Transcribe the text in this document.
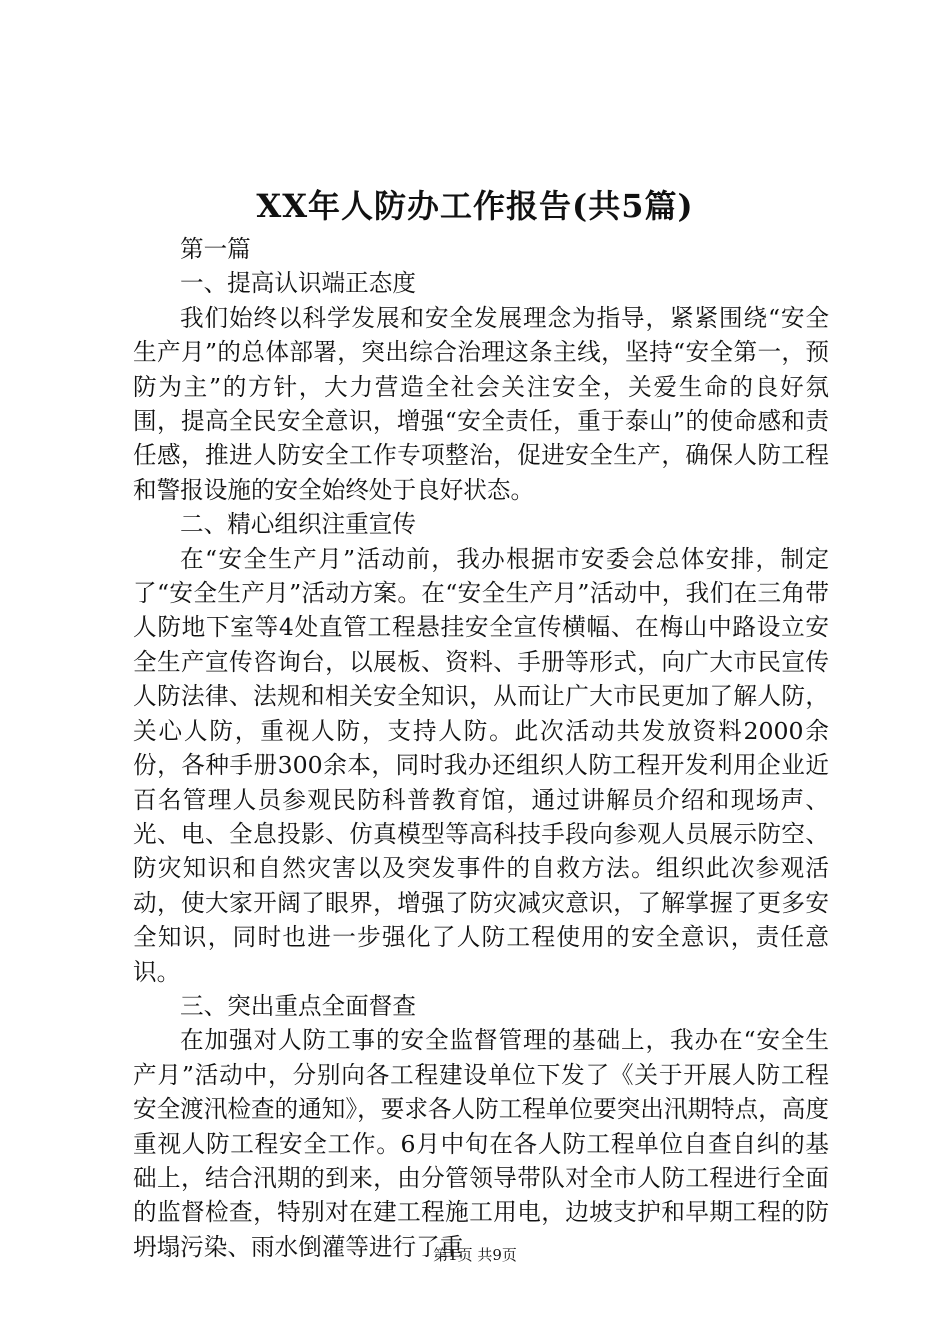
XX年人防办工作报告(共5篇)

第一篇

一、提高认识端正态度

我们始终以科学发展和安全发展理念为指导，紧紧围绕“安全生产月”的总体部署，突出综合治理这条主线，坚持“安全第一，预防为主”的方针，大力营造全社会关注安全，关爱生命的良好氛围，提高全民安全意识，增强“安全责任，重于泰山”的使命感和责任感，推进人防安全工作专项整治，促进安全生产，确保人防工程和警报设施的安全始终处于良好状态。

二、精心组织注重宣传

在“安全生产月”活动前，我办根据市安委会总体安排，制定了“安全生产月”活动方案。在“安全生产月”活动中，我们在三角带人防地下室等4处直管工程悬挂安全宣传横幅、在梅山中路设立安全生产宣传咨询台，以展板、资料、手册等形式，向广大市民宣传人防法律、法规和相关安全知识，从而让广大市民更加了解人防，关心人防，重视人防，支持人防。此次活动共发放资料2000余份，各种手册300余本，同时我办还组织人防工程开发利用企业近百名管理人员参观民防科普教育馆，通过讲解员介绍和现场声、光、电、全息投影、仿真模型等高科技手段向参观人员展示防空、防灾知识和自然灾害以及突发事件的自救方法。组织此次参观活动，使大家开阔了眼界，增强了防灾减灾意识，了解掌握了更多安全知识，同时也进一步强化了人防工程使用的安全意识，责任意识。

三、突出重点全面督查

在加强对人防工事的安全监督管理的基础上，我办在“安全生产月”活动中，分别向各工程建设单位下发了《关于开展人防工程安全渡汛检查的通知》，要求各人防工程单位要突出汛期特点，高度重视人防工程安全工作。6月中旬在各人防工程单位自查自纠的基础上，结合汛期的到来，由分管领导带队对全市人防工程进行全面的监督检查，特别对在建工程施工用电，边坡支护和早期工程的防坍塌污染、雨水倒灌等进行了重

第1页 共9页
